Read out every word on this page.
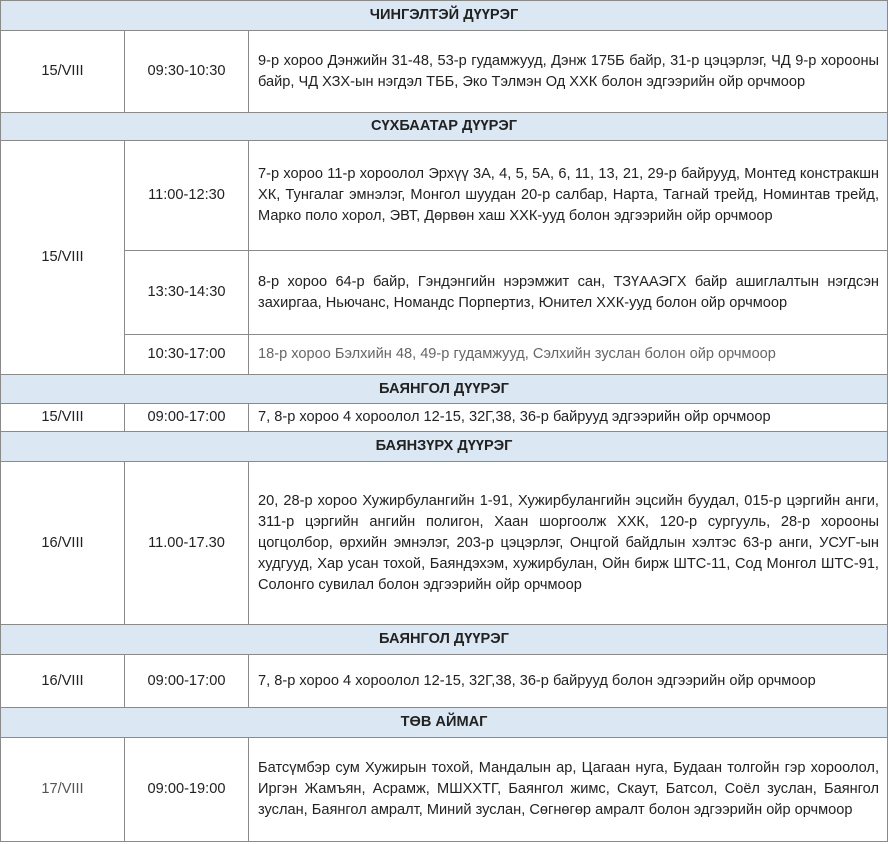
ЧИНГЭЛТЭЙ ДҮҮРЭГ		
15/VIII	09:30-10:30	9-р хороо Дэнжийн 31-48, 53-р гудамжууд, Дэнж 175Б байр, 31-р цэцэрлэг, ЧД 9-р хорооны байр, ЧД ХЗХ-ын нэгдэл ТББ, Эко Тэлмэн Од ХХК болон эдгээрийн ойр орчмоор
СҮХБААТАР ДҮҮРЭГ		
15/VIII	11:00-12:30	7-р хороо 11-р хороолол Эрхүү 3А, 4, 5, 5А, 6, 11, 13, 21, 29-р байрууд, Монтед констракшн ХК, Тунгалаг эмнэлэг, Монгол шуудан 20-р салбар, Нарта, Тагнай трейд, Номинтав трейд, Марко поло хорол, ЭВТ, Дөрвөн хаш ХХК-ууд болон эдгээрийн ойр орчмоор
	13:30-14:30	8-р хороо 64-р байр, Гэндэнгийн нэрэмжит сан, ТЗҮААЭГХ байр ашиглалтын нэгдсэн захиргаа, Ньючанс, Номандс Порпертиз, Юнител ХХК-ууд болон ойр орчмоор
	10:30-17:00	18-р хороо Бэлхийн 48, 49-р гудамжууд, Сэлхийн зуслан болон ойр орчмоор
БАЯНГОЛ ДҮҮРЭГ		
15/VIII	09:00-17:00	7, 8-р хороо 4 хороолол 12-15, 32Г,38, 36-р байрууд эдгээрийн ойр орчмоор
БАЯНЗҮРХ ДҮҮРЭГ		
16/VIII	11.00-17.30	20, 28-р хороо Хужирбулангийн 1-91, Хужирбулангийн эцсийн буудал, 015-р цэргийн анги, 311-р цэргийн ангийн полигон, Хаан шоргоолж ХХК, 120-р сургууль, 28-р хорооны цогцолбор, өрхийн эмнэлэг, 203-р цэцэрлэг, Онцгой байдлын хэлтэс 63-р анги, УСУГ-ын худгууд, Хар усан тохой, Баяндэхэм, хужирбулан, Ойн бирж ШТС-11, Сод Монгол ШТС-91, Солонго сувилал болон эдгээрийн ойр орчмоор
БАЯНГОЛ ДҮҮРЭГ		
16/VIII	09:00-17:00	7, 8-р хороо 4 хороолол 12-15, 32Г,38, 36-р байрууд болон эдгээрийн ойр орчмоор
ТӨВ АЙМАГ		
17/VIII	09:00-19:00	Батсүмбэр сум Хужирын тохой, Мандалын ар, Цагаан нуга, Будаан толгойн гэр хороолол, Иргэн Жамъян, Асрамж, МШХХТГ, Баянгол жимс, Скаут, Батсол, Соёл зуслан, Баянгол зуслан, Баянгол амралт, Миний зуслан, Сөгнөгөр амралт болон эдгээрийн ойр орчмоор
